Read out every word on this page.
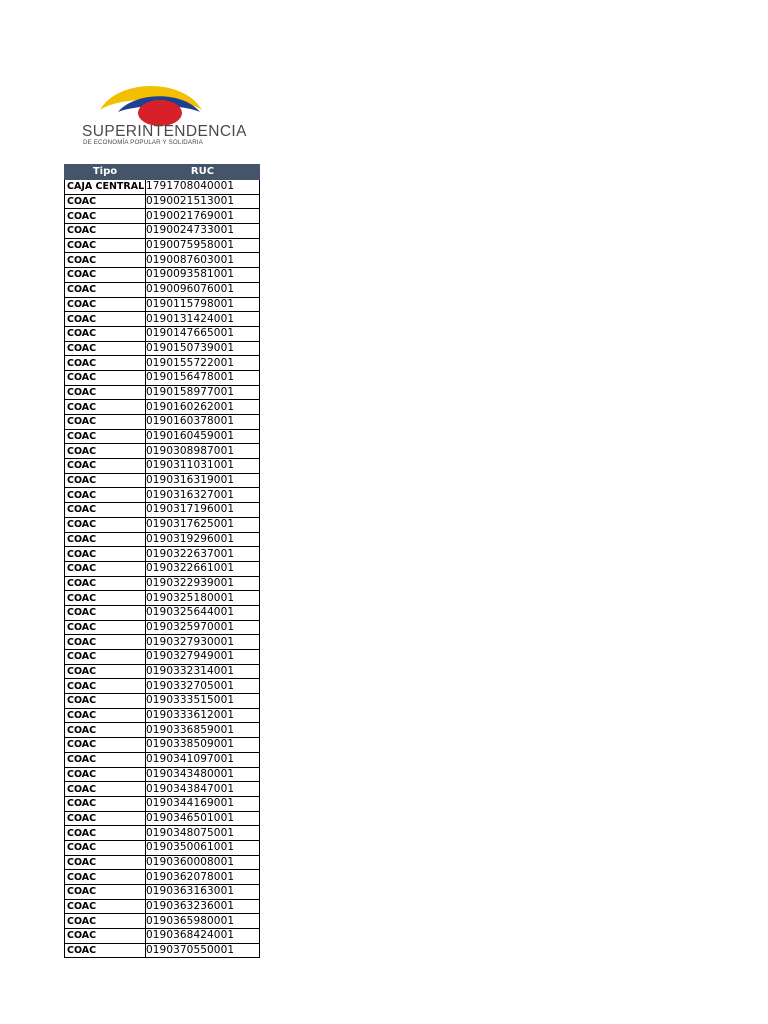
SUPERINTENDENCIA
DE ECONOMÍA POPULAR Y SOLIDARIA
Tipo	RUC
CAJA CENTRAL	1791708040001
COAC	0190021513001
COAC	0190021769001
COAC	0190024733001
COAC	0190075958001
COAC	0190087603001
COAC	0190093581001
COAC	0190096076001
COAC	0190115798001
COAC	0190131424001
COAC	0190147665001
COAC	0190150739001
COAC	0190155722001
COAC	0190156478001
COAC	0190158977001
COAC	0190160262001
COAC	0190160378001
COAC	0190160459001
COAC	0190308987001
COAC	0190311031001
COAC	0190316319001
COAC	0190316327001
COAC	0190317196001
COAC	0190317625001
COAC	0190319296001
COAC	0190322637001
COAC	0190322661001
COAC	0190322939001
COAC	0190325180001
COAC	0190325644001
COAC	0190325970001
COAC	0190327930001
COAC	0190327949001
COAC	0190332314001
COAC	0190332705001
COAC	0190333515001
COAC	0190333612001
COAC	0190336859001
COAC	0190338509001
COAC	0190341097001
COAC	0190343480001
COAC	0190343847001
COAC	0190344169001
COAC	0190346501001
COAC	0190348075001
COAC	0190350061001
COAC	0190360008001
COAC	0190362078001
COAC	0190363163001
COAC	0190363236001
COAC	0190365980001
COAC	0190368424001
COAC	0190370550001
